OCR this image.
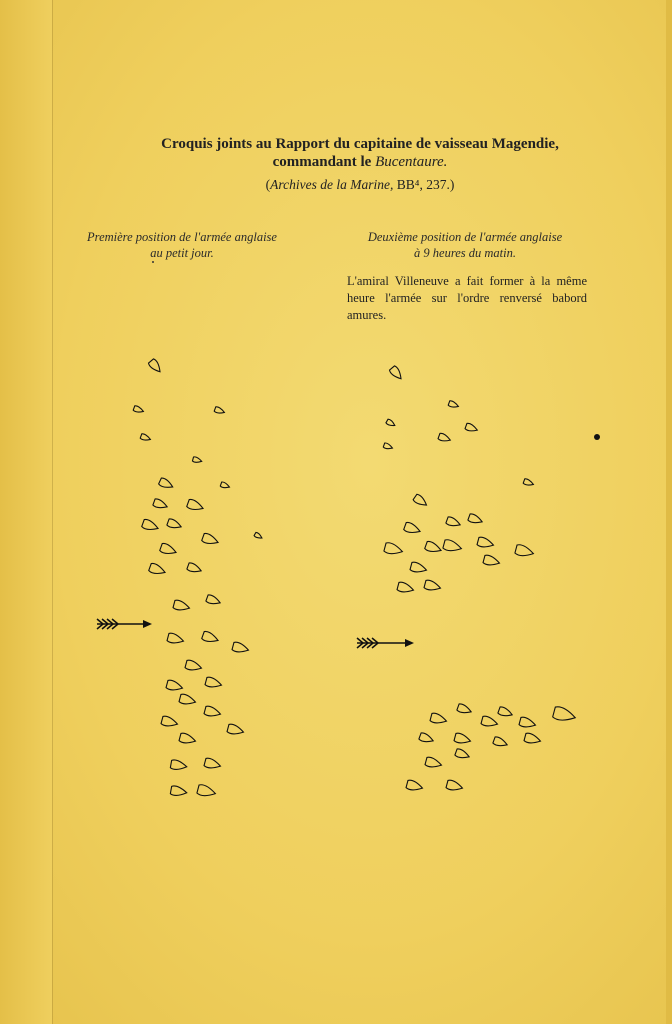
Croquis joints au Rapport du capitaine de vaisseau Magendie,
commandant le Bucentaure.
(Archives de la Marine, BB⁴, 237.)
Première position de l'armée anglaise
au petit jour.
Deuxième position de l'armée anglaise
à 9 heures du matin.
L'amiral Villeneuve a fait former à la même heure l'armée sur l'ordre renversé babord amures.
